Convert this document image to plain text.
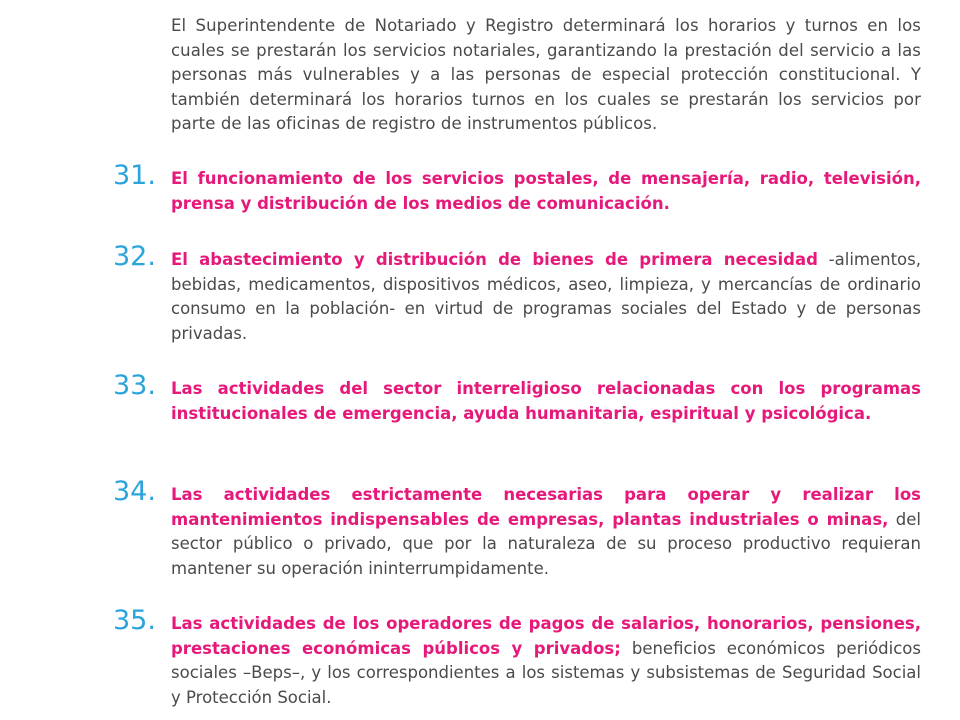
El Superintendente de Notariado y Registro determinará los horarios y turnos en los cuales se prestarán los servicios notariales, garantizando la prestación del servicio a las personas más vulnerables y a las personas de especial protección constitucional. Y también determinará los horarios turnos en los cuales se prestarán los servicios por parte de las oficinas de registro de instrumentos públicos.

31. El funcionamiento de los servicios postales, de mensajería, radio, televisión, prensa y distribución de los medios de comunicación.

32. El abastecimiento y distribución de bienes de primera necesidad -alimentos, bebidas, medicamentos, dispositivos médicos, aseo, limpieza, y mercancías de ordinario consumo en la población- en virtud de programas sociales del Estado y de personas privadas.

33. Las actividades del sector interreligioso relacionadas con los programas institucionales de emergencia, ayuda humanitaria, espiritual y psicológica.

34. Las actividades estrictamente necesarias para operar y realizar los mantenimientos indispensables de empresas, plantas industriales o minas, del sector público o privado, que por la naturaleza de su proceso productivo requieran mantener su operación ininterrumpidamente.

35. Las actividades de los operadores de pagos de salarios, honorarios, pensiones, prestaciones económicas públicos y privados; beneficios económicos periódicos sociales –Beps–, y los correspondientes a los sistemas y subsistemas de Seguridad Social y Protección Social.
